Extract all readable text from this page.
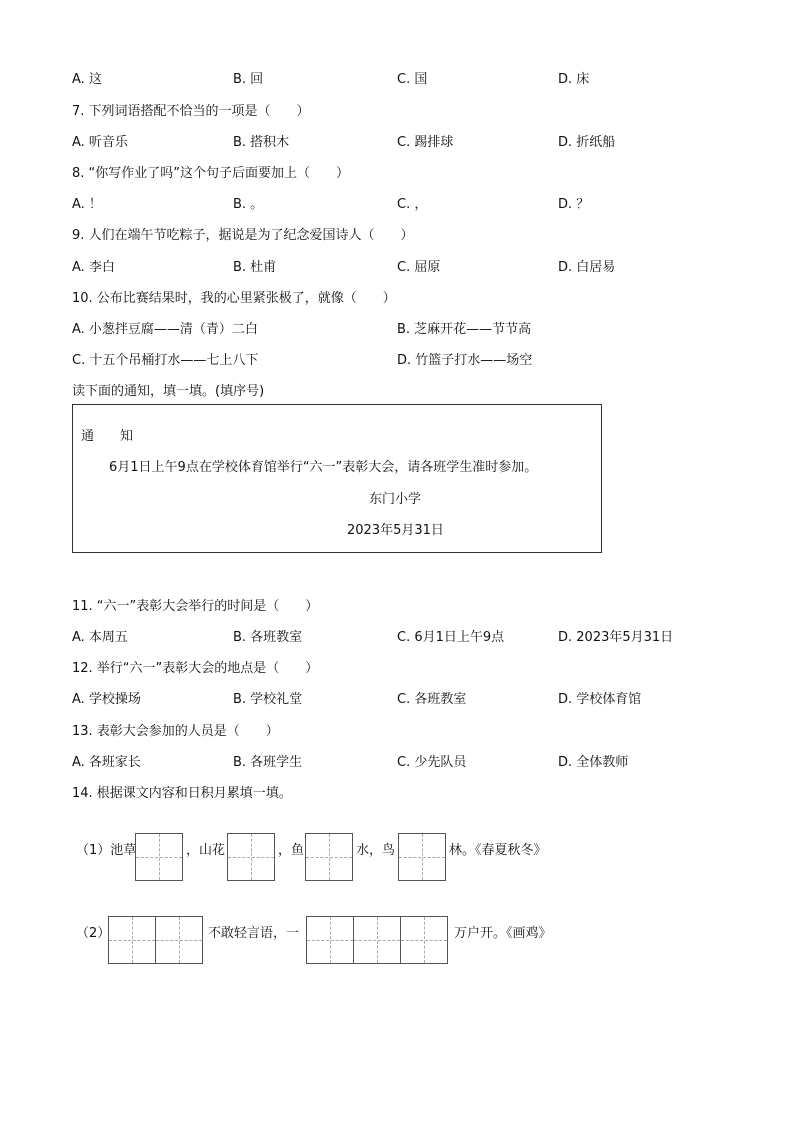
A. 这	B. 回	C. 国	D. 床
7. 下列词语搭配不恰当的一项是（　　）
A. 听音乐	B. 搭积木	C. 踢排球	D. 折纸船
8. “你写作业了吗”这个句子后面要加上（　　）
A. ！	B. 。	C. ，	D. ？
9. 人们在端午节吃粽子，据说是为了纪念爱国诗人（　　）
A. 李白	B. 杜甫	C. 屈原	D. 白居易
10. 公布比赛结果时，我的心里紧张极了，就像（　　）
A. 小葱拌豆腐——清（青）二白	B. 芝麻开花——节节高
C. 十五个吊桶打水——七上八下	D. 竹篮子打水——场空
读下面的通知，填一填。(填序号)
通　　知
6月1日上午9点在学校体育馆举行“六一”表彰大会，请各班学生准时参加。
东门小学
2023年5月31日
11. “六一”表彰大会举行的时间是（　　）
A. 本周五	B. 各班教室	C. 6月1日上午9点	D. 2023年5月31日
12. 举行“六一”表彰大会的地点是（　　）
A. 学校操场	B. 学校礼堂	C. 各班教室	D. 学校体育馆
13. 表彰大会参加的人员是（　　）
A. 各班家长	B. 各班学生	C. 少先队员	D. 全体教师
14. 根据课文内容和日积月累填一填。
（1）池草	，山花	，鱼	水，鸟	林。《春夏秋冬》
（2）	不敢轻言语，一	万户开。《画鸡》
